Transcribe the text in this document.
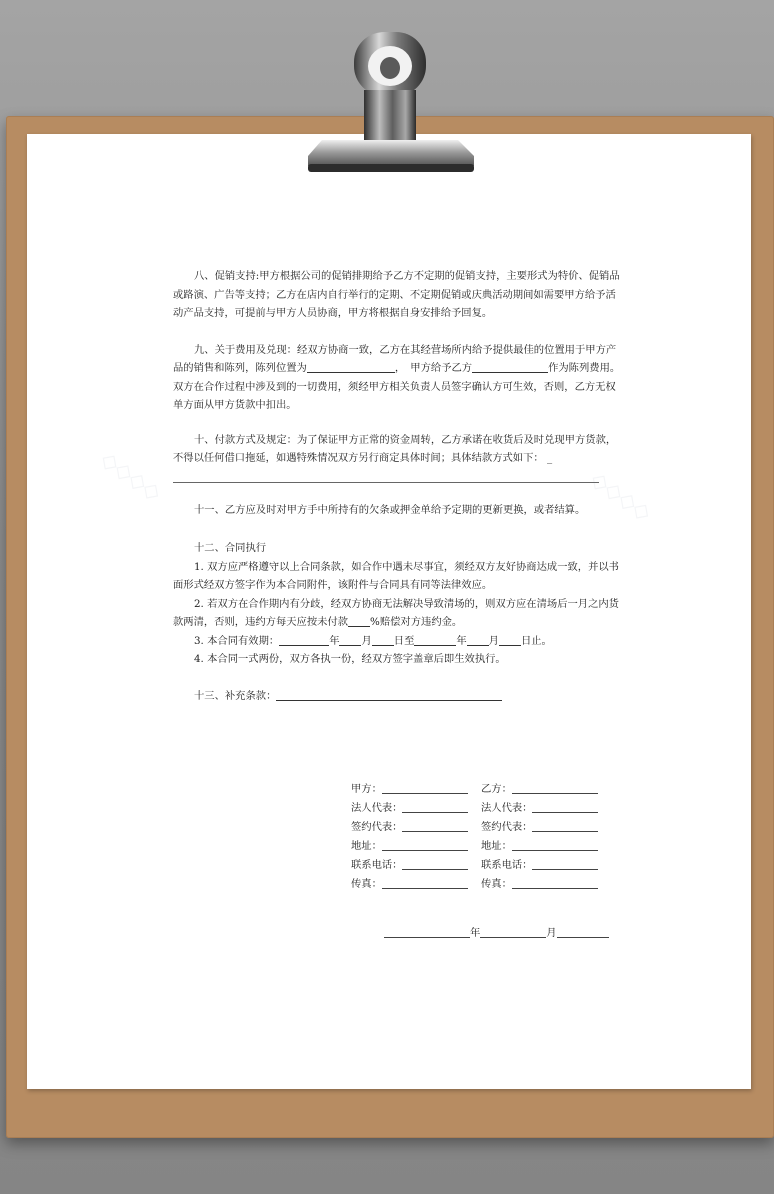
八、促销支持:甲方根据公司的促销排期给予乙方不定期的促销支持，主要形式为特价、促销品或路演、广告等支持；乙方在店内自行举行的定期、不定期促销或庆典活动期间如需要甲方给予活动产品支持，可提前与甲方人员协商，甲方将根据自身安排给予回复。

九、关于费用及兑现：经双方协商一致，乙方在其经营场所内给予提供最佳的位置用于甲方产品的销售和陈列，陈列位置为	，　甲方给予乙方	作为陈列费用。 双方在合作过程中涉及到的一切费用，须经甲方相关负责人员签字确认方可生效，否则，乙方无权单方面从甲方货款中扣出。

十、付款方式及规定：为了保证甲方正常的资金周转，乙方承诺在收货后及时兑现甲方货款，不得以任何借口拖延，如遇特殊情况双方另行商定具体时间；具体结款方式如下： _

十一、乙方应及时对甲方手中所持有的欠条或押金单给予定期的更新更换，或者结算。

十二、合同执行

1. 双方应严格遵守以上合同条款，如合作中遇未尽事宜，须经双方友好协商达成一致，并以书面形式经双方签字作为本合同附件，该附件与合同具有同等法律效应。

2. 若双方在合作期内有分歧，经双方协商无法解决导致清场的，则双方应在清场后一月之内货款两清，否则，违约方每天应按未付款 %赔偿对方违约金。

3. 本合同有效期：	年 月 日至	年 月 日止。

4. 本合同一式两份，双方各执一份，经双方签字盖章后即生效执行。

十三、补充条款：

甲方：	乙方：
法人代表：	法人代表：
签约代表：	签约代表：
地址：	地址：
联系电话：	联系电话：
传真：	传真：
年	月
◇◇◇◇	◇◇◇◇
